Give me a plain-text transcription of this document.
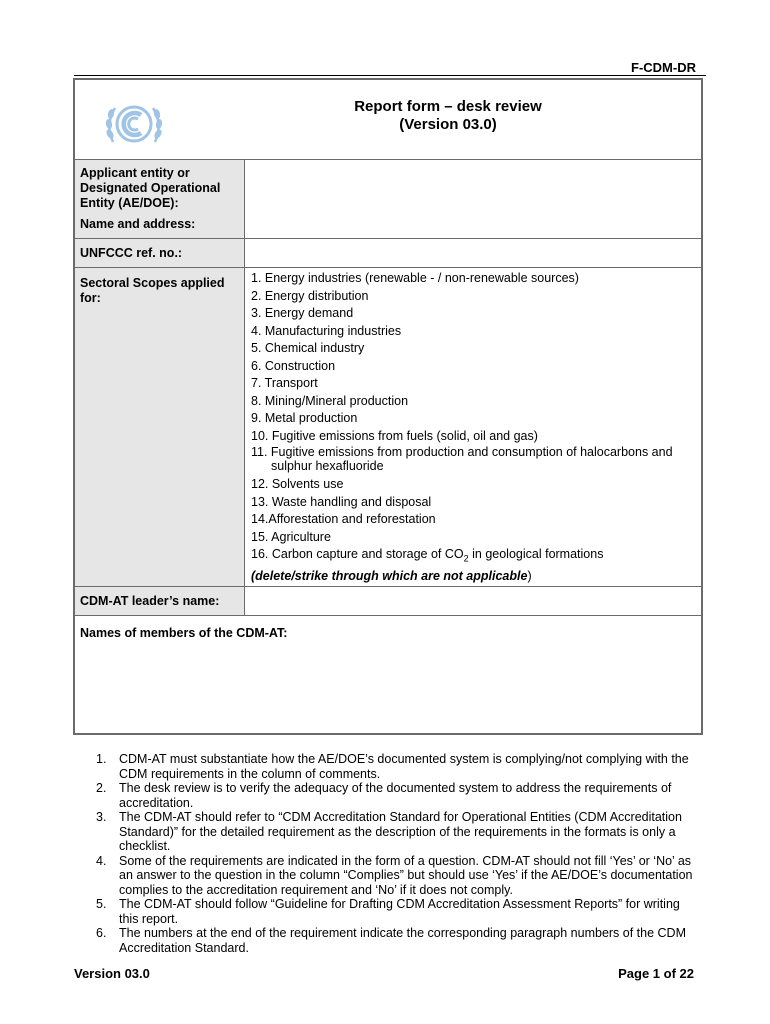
F-CDM-DR
Report form – desk review
(Version 03.0)
Applicant entity or Designated Operational Entity (AE/DOE):
Name and address:
UNFCCC ref. no.:
Sectoral Scopes applied for:
1. Energy industries (renewable - / non-renewable sources)
2. Energy distribution
3. Energy demand
4. Manufacturing industries
5. Chemical industry
6. Construction
7. Transport
8. Mining/Mineral production
9. Metal production
10. Fugitive emissions from fuels (solid, oil and gas)
11. Fugitive emissions from production and consumption of halocarbons and sulphur hexafluoride
12. Solvents use
13. Waste handling and disposal
14.Afforestation and reforestation
15. Agriculture
16. Carbon capture and storage of $CO_2$ in geological formations
(delete/strike through which are not applicable)
CDM-AT leader’s name:
Names of members of the CDM-AT:
1. CDM-AT must substantiate how the AE/DOE’s documented system is complying/not complying with the CDM requirements in the column of comments.
2. The desk review is to verify the adequacy of the documented system to address the requirements of accreditation.
3. The CDM-AT should refer to “CDM Accreditation Standard for Operational Entities (CDM Accreditation Standard)” for the detailed requirement as the description of the requirements in the formats is only a checklist.
4. Some of the requirements are indicated in the form of a question. CDM-AT should not fill ‘Yes’ or ‘No’ as an answer to the question in the column “Complies” but should use ‘Yes’ if the AE/DOE’s documentation complies to the accreditation requirement and ‘No’ if it does not comply.
5. The CDM-AT should follow “Guideline for Drafting CDM Accreditation Assessment Reports” for writing this report.
6. The numbers at the end of the requirement indicate the corresponding paragraph numbers of the CDM Accreditation Standard.
Version 03.0	Page 1 of 22
